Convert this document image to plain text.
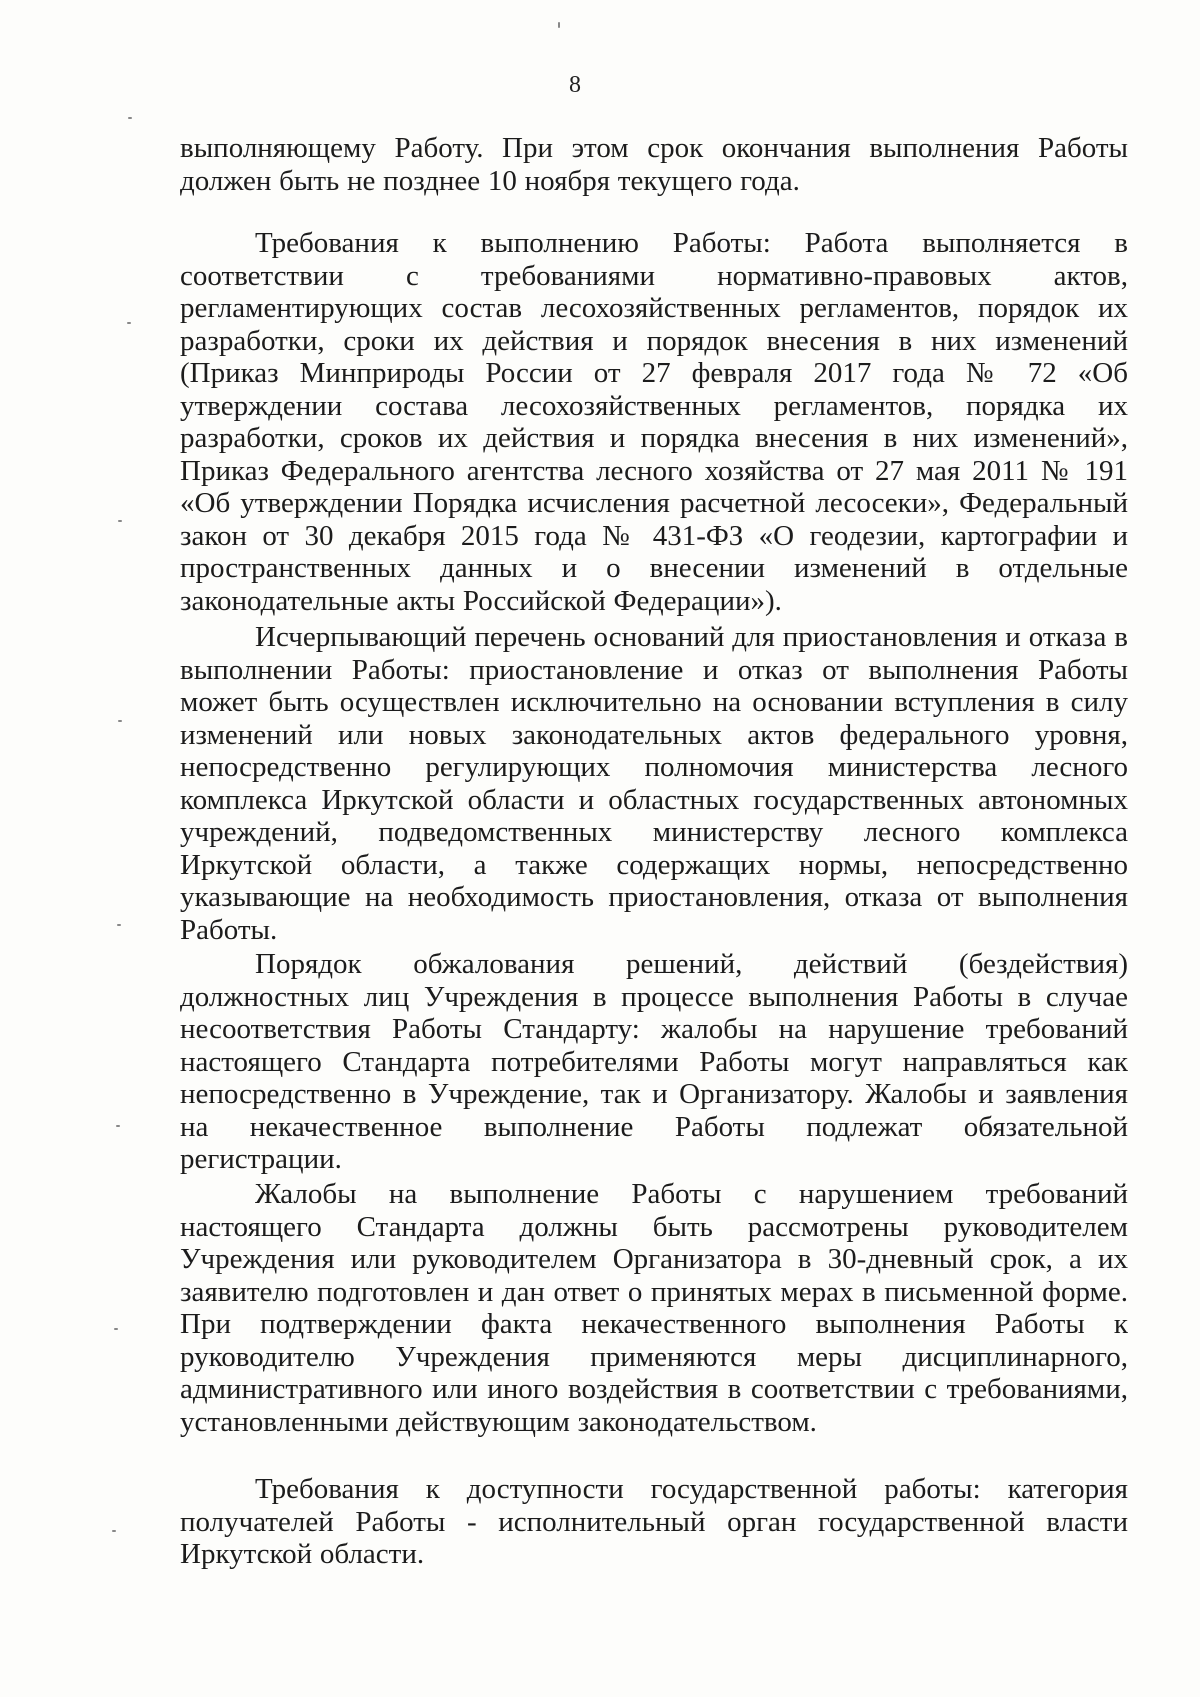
8

выполняющему Работу. При этом срок окончания выполнения Работы должен быть не позднее 10 ноября текущего года.

Требования к выполнению Работы: Работа выполняется в соответствии с требованиями нормативно-правовых актов, регламентирующих состав лесохозяйственных регламентов, порядок их разработки, сроки их действия и порядок внесения в них изменений (Приказ Минприроды России от 27 февраля 2017 года № 72 «Об утверждении состава лесохозяйственных регламентов, порядка их разработки, сроков их действия и порядка внесения в них изменений», Приказ Федерального агентства лесного хозяйства от 27 мая 2011 № 191 «Об утверждении Порядка исчисления расчетной лесосеки», Федеральный закон от 30 декабря 2015 года № 431-ФЗ «О геодезии, картографии и пространственных данных и о внесении изменений в отдельные законодательные акты Российской Федерации»).

Исчерпывающий перечень оснований для приостановления и отказа в выполнении Работы: приостановление и отказ от выполнения Работы может быть осуществлен исключительно на основании вступления в силу изменений или новых законодательных актов федерального уровня, непосредственно регулирующих полномочия министерства лесного комплекса Иркутской области и областных государственных автономных учреждений, подведомственных министерству лесного комплекса Иркутской области, а также содержащих нормы, непосредственно указывающие на необходимость приостановления, отказа от выполнения Работы.

Порядок обжалования решений, действий (бездействия) должностных лиц Учреждения в процессе выполнения Работы в случае несоответствия Работы Стандарту: жалобы на нарушение требований настоящего Стандарта потребителями Работы могут направляться как непосредственно в Учреждение, так и Организатору. Жалобы и заявления на некачественное выполнение Работы подлежат обязательной регистрации.

Жалобы на выполнение Работы с нарушением требований настоящего Стандарта должны быть рассмотрены руководителем Учреждения или руководителем Организатора в 30-дневный срок, а их заявителю подготовлен и дан ответ о принятых мерах в письменной форме. При подтверждении факта некачественного выполнения Работы к руководителю Учреждения применяются меры дисциплинарного, административного или иного воздействия в соответствии с требованиями, установленными действующим законодательством.

Требования к доступности государственной работы: категория получателей Работы - исполнительный орган государственной власти Иркутской области.
